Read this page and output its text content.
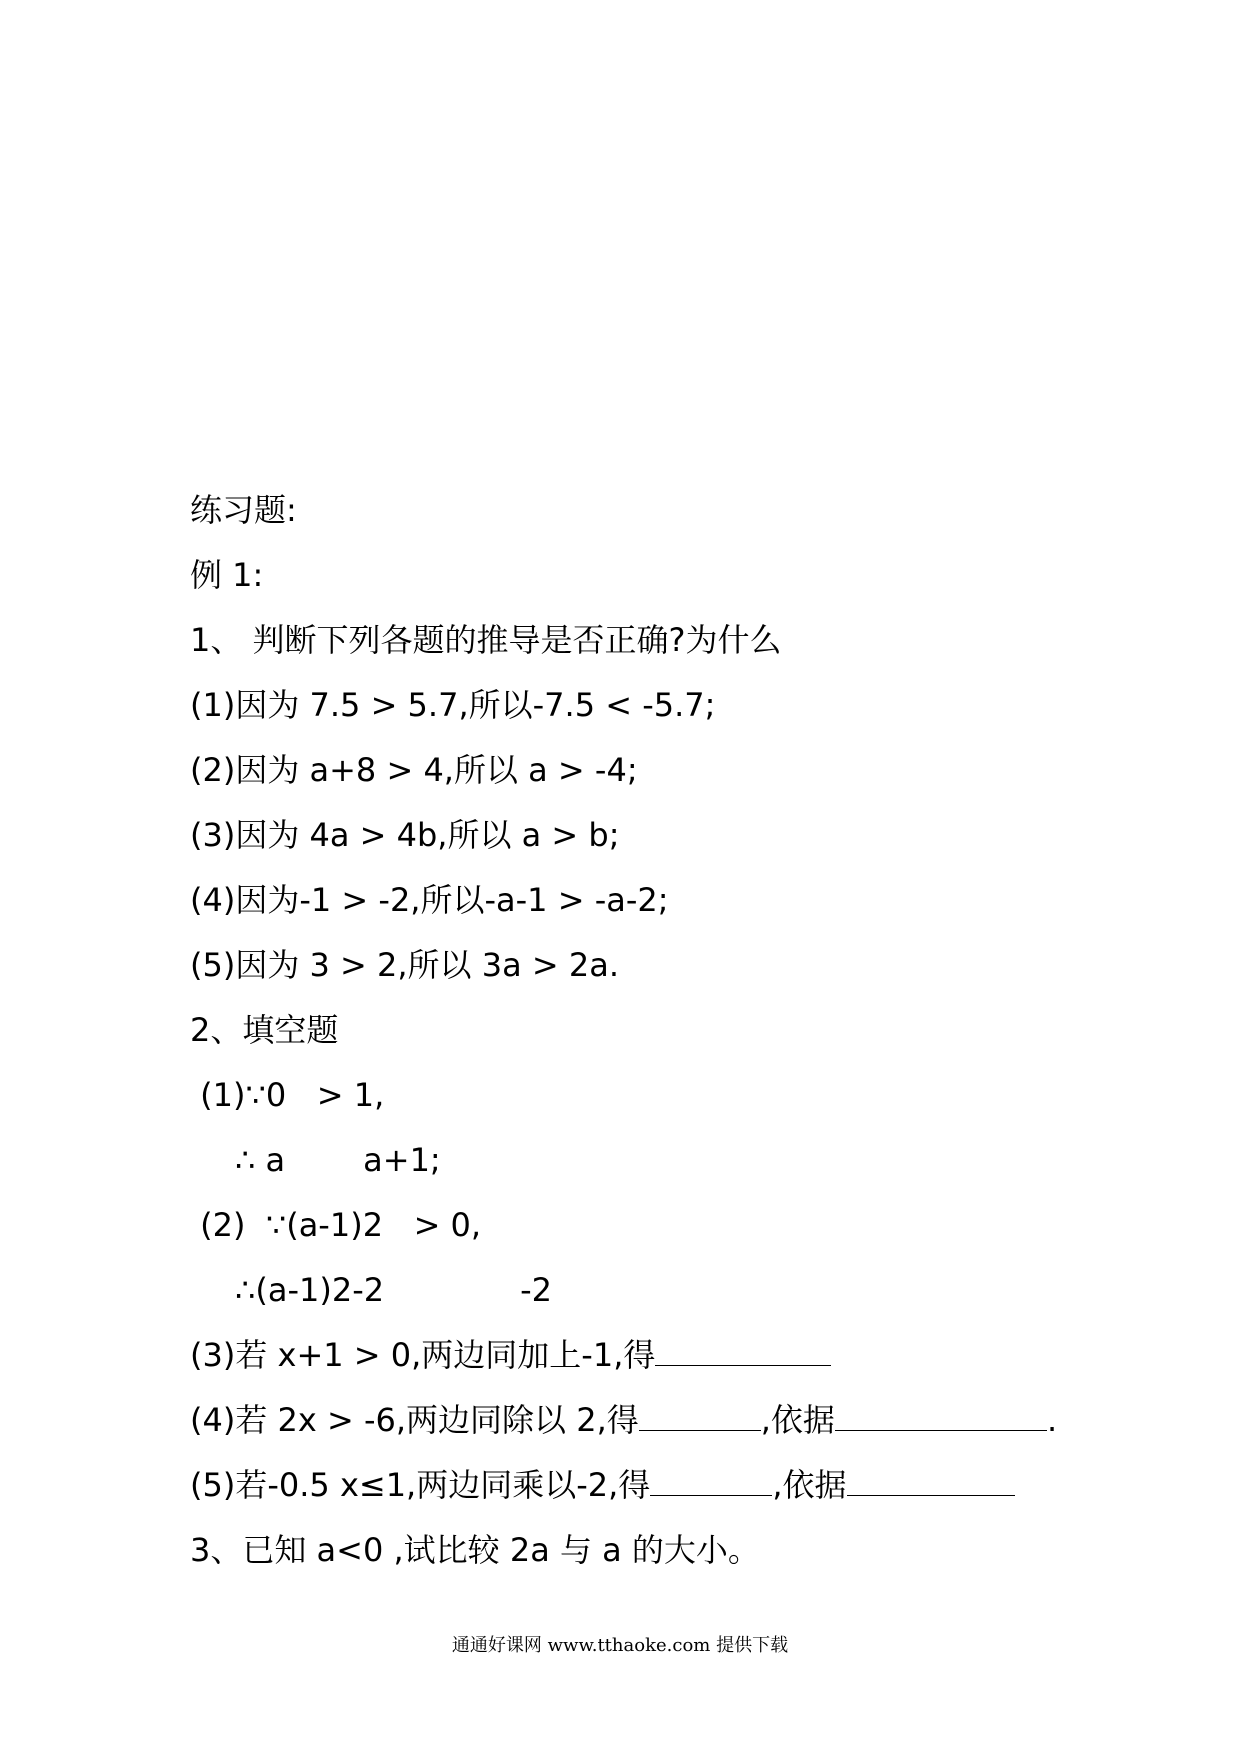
练习题:
例 1:
1、 判断下列各题的推导是否正确?为什么
(1)因为 7.5 > 5.7,所以-7.5 < -5.7;
(2)因为 a+8 > 4,所以 a > -4;
(3)因为 4a > 4b,所以 a > b;
(4)因为-1 > -2,所以-a-1 > -a-2;
(5)因为 3 > 2,所以 3a > 2a.
2、填空题
(1)∵0   > 1,
∴ a a+1;
(2)  ∵(a-1)2   > 0,
∴(a-1)2-2	-2
(3)若 x+1 > 0,两边同加上-1,得
(4)若 2x > -6,两边同除以 2,得	,依据	.
(5)若-0.5 x≤1,两边同乘以-2,得	,依据
3、已知 a<0 ,试比较 2a 与 a 的大小。
通通好课网 www.tthaoke.com 提供下载
